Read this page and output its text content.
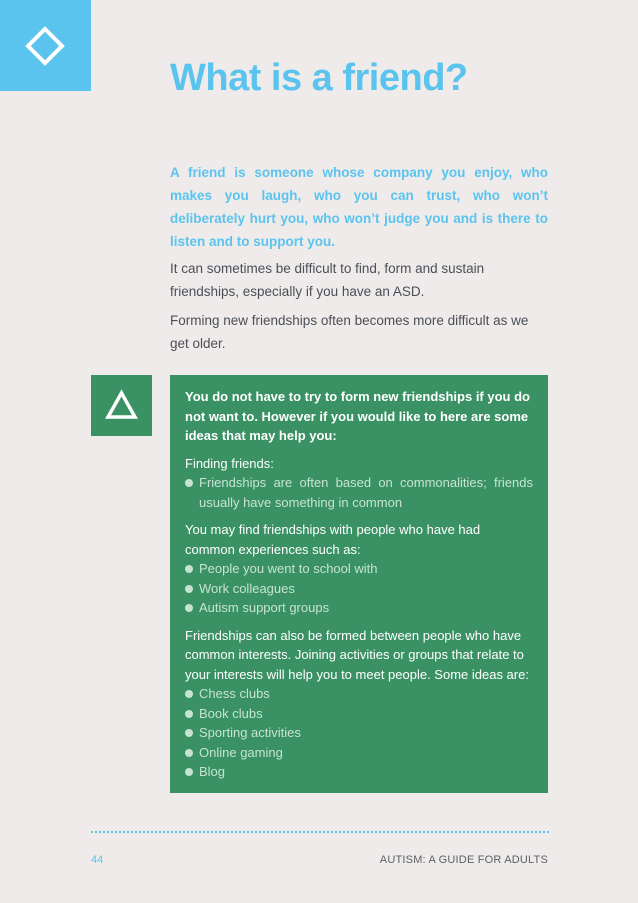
What is a friend?

A friend is someone whose company you enjoy, who makes you laugh, who you can trust, who won’t deliberately hurt you, who won’t judge you and is there to listen and to support you.

It can sometimes be difficult to find, form and sustain friendships, especially if you have an ASD.

Forming new friendships often becomes more difficult as we get older.

You do not have to try to form new friendships if you do not want to. However if you would like to here are some ideas that may help you:

Finding friends:

Friendships are often based on commonalities; friends usually have something in common

You may find friendships with people who have had common experiences such as:

People you went to school with
Work colleagues
Autism support groups

Friendships can also be formed between people who have common interests. Joining activities or groups that relate to your interests will help you to meet people. Some ideas are:

Chess clubs
Book clubs
Sporting activities
Online gaming
Blog
44	AUTISM: A GUIDE FOR ADULTS
